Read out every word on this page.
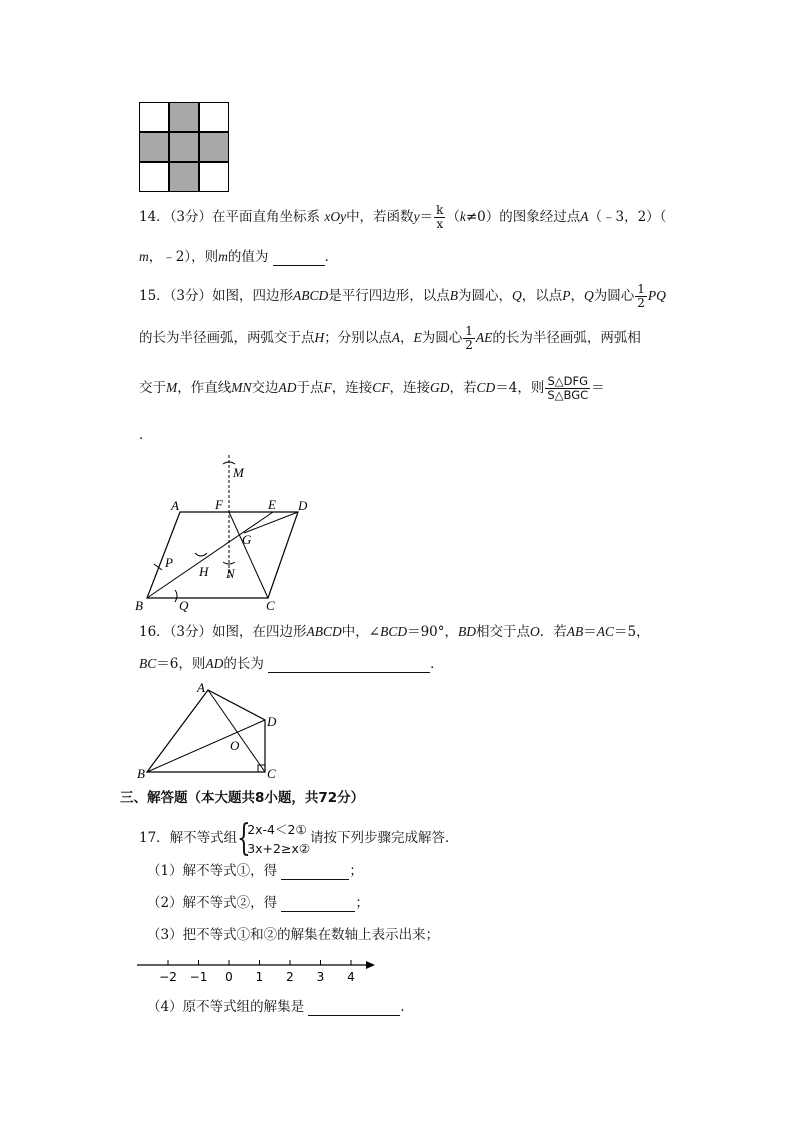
14．（3分）在平面直角坐标系 xOy中，若函数$y= \frac{k}{x} (k\ne 0)$的图象经过点A（﹣3，2）（
m，﹣2），则m的值为	．
15．（3分）如图，四边形ABCD是平行四边形，以点B为圆心，Q，以点P，Q为圆心 $\frac{1}{2}$ PQ
的长为半径画弧，两弧交于点H；分别以点A，E为圆心 $\frac{1}{2}$ AE的长为半径画弧，两弧相
交于M，作直线MN交边AD于点F，连接CF，连接GD，若CD＝4，则 $\frac{\text{S△DFG}}{\text{S△BGC}}$ ＝
．
A
B	C
D
E
F
G
H
M
N
P
Q
16．（3分）如图，在四边形ABCD中，∠BCD＝90°，BD相交于点O．若AB＝AC＝5，
BC＝6，则AD的长为	．
A
B	C
D
O
三、解答题（本大题共8小题，共72分）
17．解不等式组 {
2x-4＜2①
3x+2≥x②
请按下列步骤完成解答．
（1）解不等式①，得	；
（2）解不等式②，得	；
（3）把不等式①和②的解集在数轴上表示出来；
−2 −1 0 1 2 3 4
（4）原不等式组的解集是	．
